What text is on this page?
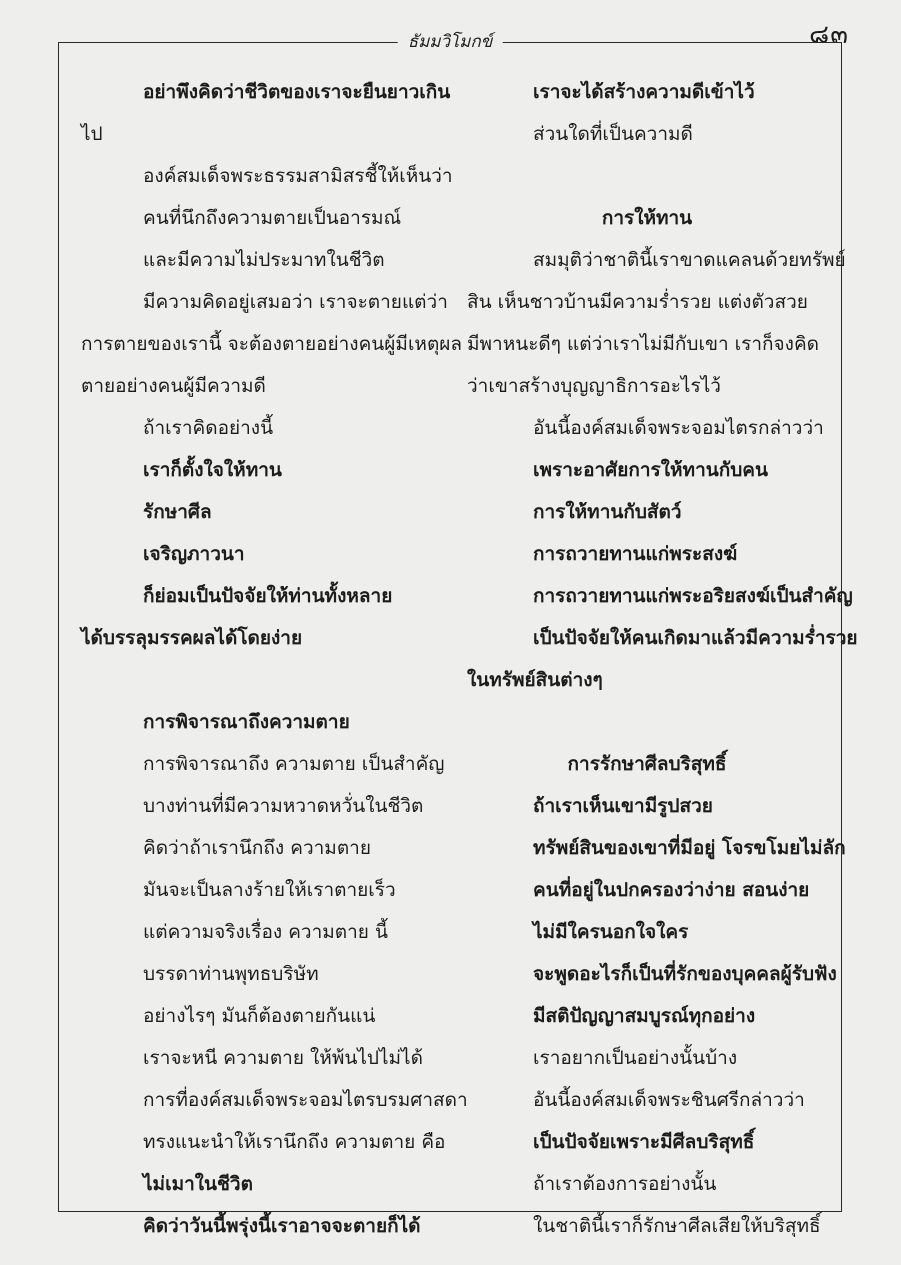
๘๓
ธัมมวิโมกข์
อย่าพึงคิดว่าชีวิตของเราจะยืนยาวเกิน
ไป
องค์สมเด็จพระธรรมสามิสรชี้ให้เห็นว่า
คนที่นึกถึงความตายเป็นอารมณ์
และมีความไม่ประมาทในชีวิต
มีความคิดอยู่เสมอว่า เราจะตายแต่ว่า
การตายของเรานี้ จะต้องตายอย่างคนผู้มีเหตุผล
ตายอย่างคนผู้มีความดี
ถ้าเราคิดอย่างนี้
เราก็ตั้งใจให้ทาน
รักษาศีล
เจริญภาวนา
ก็ย่อมเป็นปัจจัยให้ท่านทั้งหลาย
ได้บรรลุมรรคผลได้โดยง่าย
การพิจารณาถึงความตาย
การพิจารณาถึง ความตาย เป็นสำคัญ
บางท่านที่มีความหวาดหวั่นในชีวิต
คิดว่าถ้าเรานึกถึง ความตาย
มันจะเป็นลางร้ายให้เราตายเร็ว
แต่ความจริงเรื่อง ความตาย นี้
บรรดาท่านพุทธบริษัท
อย่างไรๆ มันก็ต้องตายกันแน่
เราจะหนี ความตาย ให้พ้นไปไม่ได้
การที่องค์สมเด็จพระจอมไตรบรมศาสดา
ทรงแนะนำให้เรานึกถึง ความตาย คือ
ไม่เมาในชีวิต
คิดว่าวันนี้พรุ่งนี้เราอาจจะตายก็ได้
เราจะได้สร้างความดีเข้าไว้
ส่วนใดที่เป็นความดี
การให้ทาน
สมมุติว่าชาตินี้เราขาดแคลนด้วยทรัพย์
สิน เห็นชาวบ้านมีความร่ำรวย แต่งตัวสวย
มีพาหนะดีๆ แต่ว่าเราไม่มีกับเขา เราก็จงคิด
ว่าเขาสร้างบุญญาธิการอะไรไว้
อันนี้องค์สมเด็จพระจอมไตรกล่าวว่า
เพราะอาศัยการให้ทานกับคน
การให้ทานกับสัตว์
การถวายทานแก่พระสงฆ์
การถวายทานแก่พระอริยสงฆ์เป็นสำคัญ
เป็นปัจจัยให้คนเกิดมาแล้วมีความร่ำรวย
ในทรัพย์สินต่างๆ
การรักษาศีลบริสุทธิ์
ถ้าเราเห็นเขามีรูปสวย
ทรัพย์สินของเขาที่มีอยู่ โจรขโมยไม่ลัก
คนที่อยู่ในปกครองว่าง่าย สอนง่าย
ไม่มีใครนอกใจใคร
จะพูดอะไรก็เป็นที่รักของบุคคลผู้รับฟัง
มีสติปัญญาสมบูรณ์ทุกอย่าง
เราอยากเป็นอย่างนั้นบ้าง
อันนี้องค์สมเด็จพระชินศรีกล่าวว่า
เป็นปัจจัยเพราะมีศีลบริสุทธิ์
ถ้าเราต้องการอย่างนั้น
ในชาตินี้เราก็รักษาศีลเสียให้บริสุทธิ์
